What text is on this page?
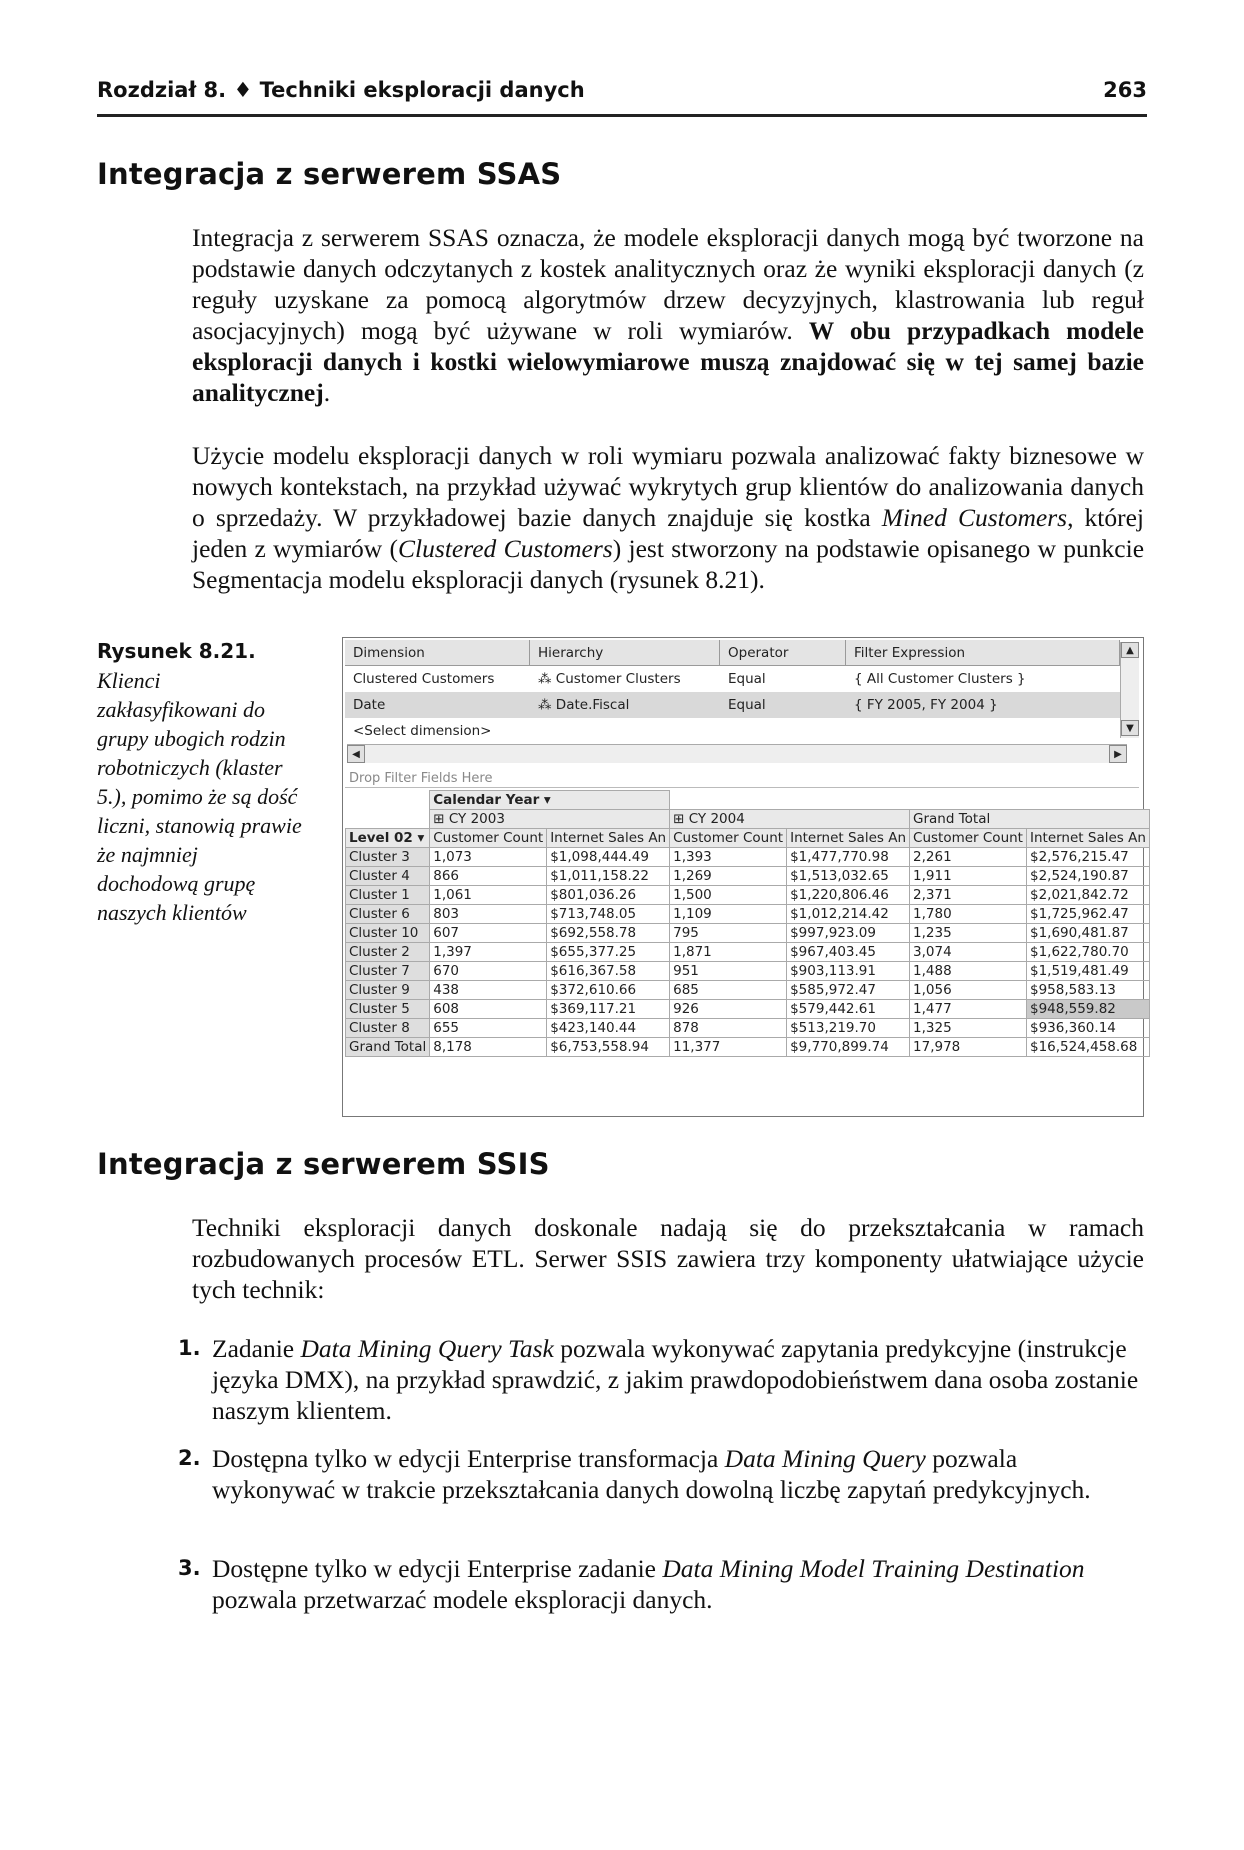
Rozdział 8. ♦ Techniki eksploracji danych	263
Integracja z serwerem SSAS

Integracja z serwerem SSAS oznacza, że modele eksploracji danych mogą być tworzone na podstawie danych odczytanych z kostek analitycznych oraz że wyniki eksploracji danych (z reguły uzyskane za pomocą algorytmów drzew decyzyjnych, klastrowania lub reguł asocjacyjnych) mogą być używane w roli wymiarów. W obu przypadkach modele eksploracji danych i kostki wielowymiarowe muszą znajdować się w tej samej bazie analitycznej.

Użycie modelu eksploracji danych w roli wymiaru pozwala analizować fakty biznesowe w nowych kontekstach, na przykład używać wykrytych grup klientów do analizowania danych o sprzedaży. W przykładowej bazie danych znajduje się kostka Mined Customers, której jeden z wymiarów (Clustered Customers) jest stworzony na podstawie opisanego w punkcie Segmentacja modelu eksploracji danych (rysunek 8.21).

Rysunek 8.21.
Klienci zakłasyfikowani do grupy ubogich rodzin robotniczych (klaster 5.), pomimo że są dość liczni, stanowią prawie że najmniej dochodową grupę naszych klientów
Dimension	Hierarchy	Operator	Filter Expression
Clustered Customers	⁂ Customer Clusters	Equal	{ All Customer Clusters }
Date	⁂ Date.Fiscal	Equal	{ FY 2005, FY 2004 }
<Select dimension>
▲
▼
◀	▶
Drop Filter Fields Here
	Calendar Year ▾					
	⊞ CY 2003		⊞ CY 2004		Grand Total	
Level 02 ▾	Customer Count	Internet Sales An	Customer Count	Internet Sales An	Customer Count	Internet Sales An
Cluster 3	1,073	$1,098,444.49	1,393	$1,477,770.98	2,261	$2,576,215.47
Cluster 4	866	$1,011,158.22	1,269	$1,513,032.65	1,911	$2,524,190.87
Cluster 1	1,061	$801,036.26	1,500	$1,220,806.46	2,371	$2,021,842.72
Cluster 6	803	$713,748.05	1,109	$1,012,214.42	1,780	$1,725,962.47
Cluster 10	607	$692,558.78	795	$997,923.09	1,235	$1,690,481.87
Cluster 2	1,397	$655,377.25	1,871	$967,403.45	3,074	$1,622,780.70
Cluster 7	670	$616,367.58	951	$903,113.91	1,488	$1,519,481.49
Cluster 9	438	$372,610.66	685	$585,972.47	1,056	$958,583.13
Cluster 5	608	$369,117.21	926	$579,442.61	1,477	$948,559.82
Cluster 8	655	$423,140.44	878	$513,219.70	1,325	$936,360.14
Grand Total	8,178	$6,753,558.94	11,377	$9,770,899.74	17,978	$16,524,458.68
Integracja z serwerem SSIS

Techniki eksploracji danych doskonale nadają się do przekształcania w ramach rozbudowanych procesów ETL. Serwer SSIS zawiera trzy komponenty ułatwiające użycie tych technik:

1. Zadanie Data Mining Query Task pozwala wykonywać zapytania predykcyjne (instrukcje języka DMX), na przykład sprawdzić, z jakim prawdopodobieństwem dana osoba zostanie naszym klientem.
2. Dostępna tylko w edycji Enterprise transformacja Data Mining Query pozwala wykonywać w trakcie przekształcania danych dowolną liczbę zapytań predykcyjnych.
3. Dostępne tylko w edycji Enterprise zadanie Data Mining Model Training Destination pozwala przetwarzać modele eksploracji danych.
